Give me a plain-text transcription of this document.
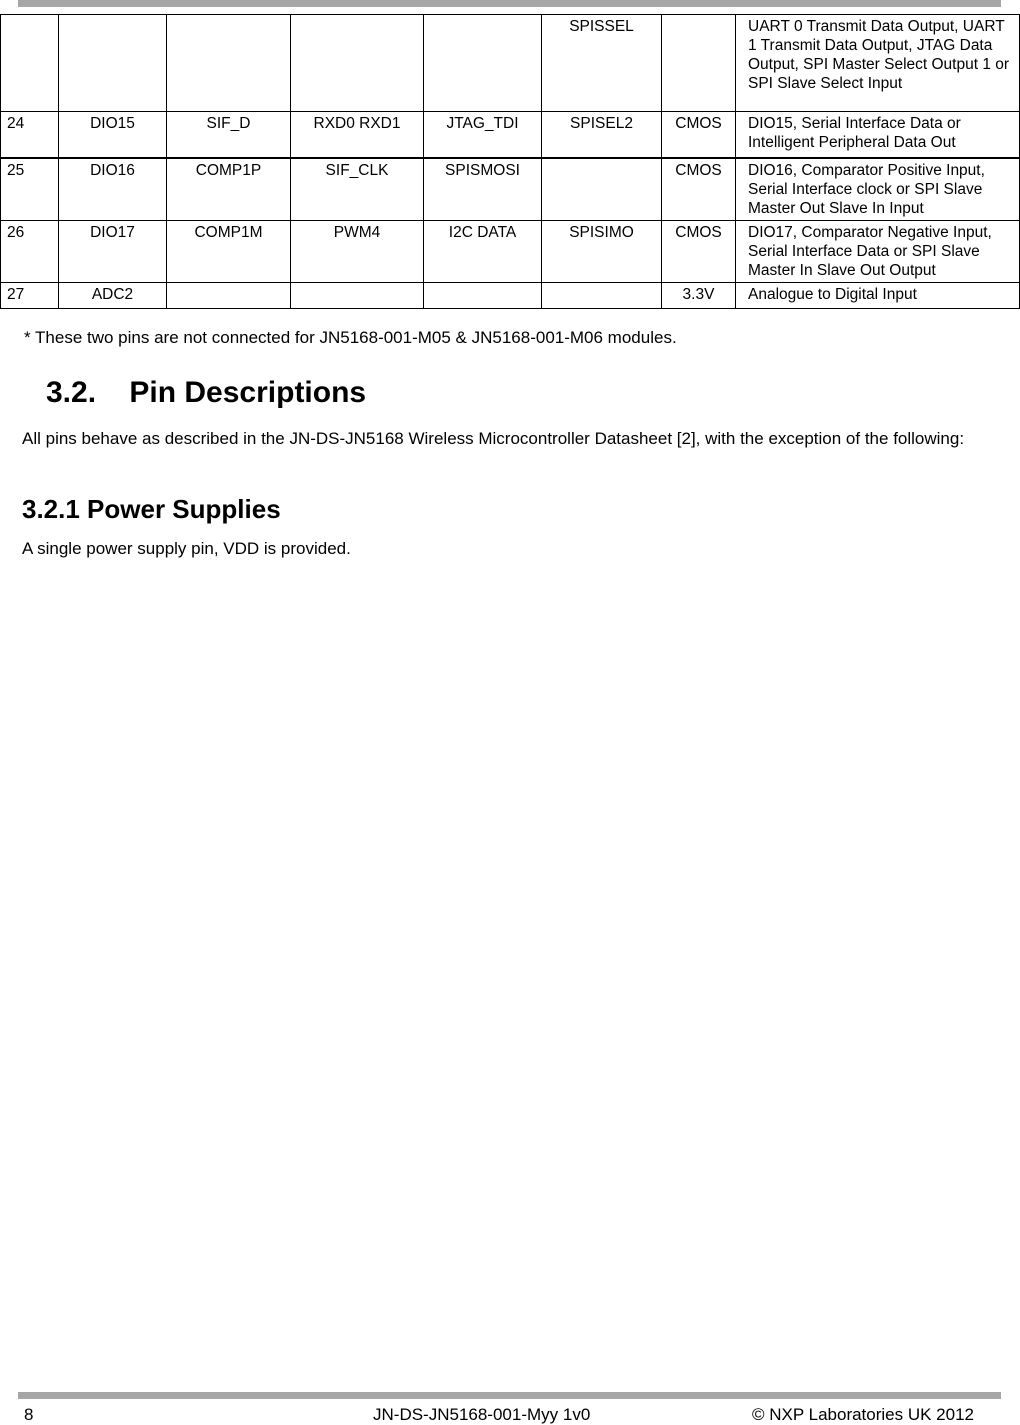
					SPISSEL		UART 0 Transmit Data Output, UART 1 Transmit Data Output, JTAG Data Output, SPI Master Select Output 1 or SPI Slave Select Input
24	DIO15	SIF_D	RXD0 RXD1	JTAG_TDI	SPISEL2	CMOS	DIO15, Serial Interface Data or Intelligent Peripheral Data Out
25	DIO16	COMP1P	SIF_CLK	SPISMOSI		CMOS	DIO16, Comparator Positive Input, Serial Interface clock or SPI Slave Master Out Slave In Input
26	DIO17	COMP1M	PWM4	I2C DATA	SPISIMO	CMOS	DIO17, Comparator Negative Input, Serial Interface Data or SPI Slave Master In Slave Out Output
27	ADC2					3.3V	Analogue to Digital Input
* These two pins are not connected for JN5168-001-M05 & JN5168-001-M06 modules.
3.2.    Pin Descriptions
All pins behave as described in the JN-DS-JN5168 Wireless Microcontroller Datasheet [2], with the exception of the following:
3.2.1 Power Supplies
A single power supply pin, VDD is provided.
8	JN-DS-JN5168-001-Myy 1v0	© NXP Laboratories UK 2012
